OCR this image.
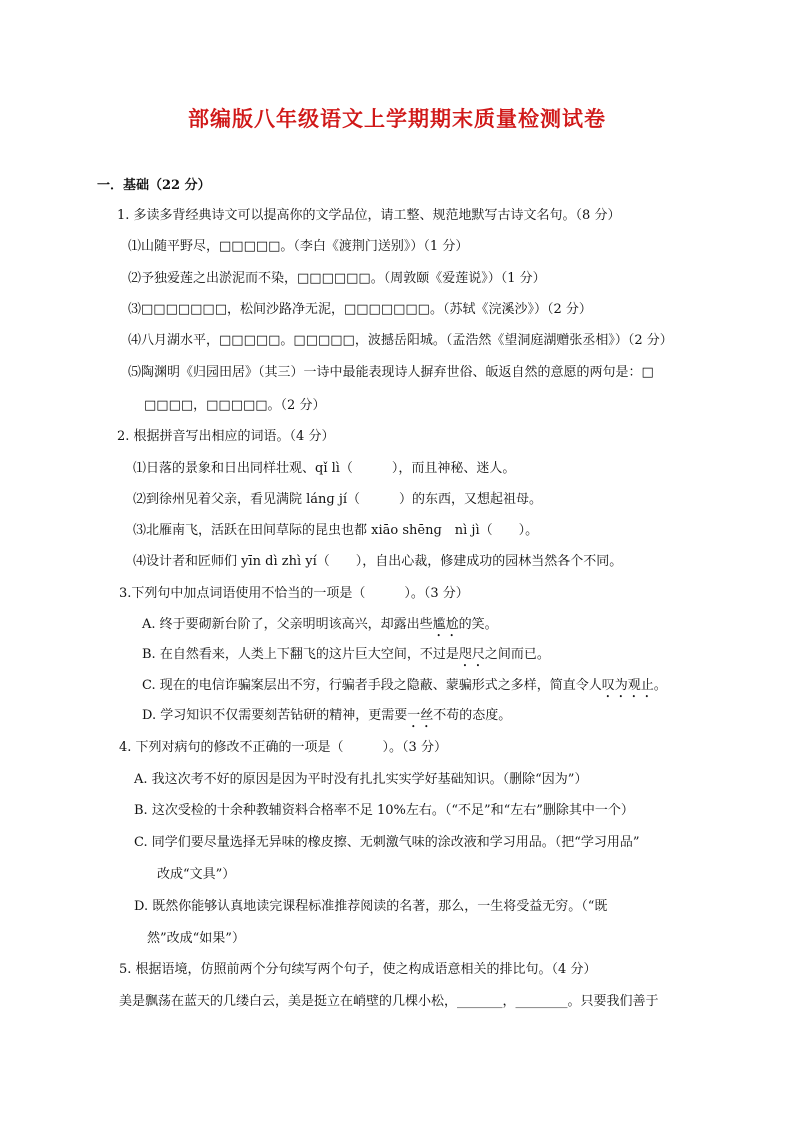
部编版八年级语文上学期期末质量检测试卷

一．基础（22 分）

1. 多读多背经典诗文可以提高你的文学品位，请工整、规范地默写古诗文名句。（8 分）

⑴山随平野尽，□□□□□。（李白《渡荆门送别》）（1 分）

⑵予独爱莲之出淤泥而不染，□□□□□□。（周敦颐《爱莲说》）（1 分）

⑶□□□□□□□，松间沙路净无泥，□□□□□□□。（苏轼《浣溪沙》）（2 分）

⑷八月湖水平，□□□□□。□□□□□，波撼岳阳城。（孟浩然《望洞庭湖赠张丞相》）（2 分）

⑸陶渊明《归园田居》（其三）一诗中最能表现诗人摒弃世俗、皈返自然的意愿的两句是：□

□□□□，□□□□□。（2 分）

2. 根据拼音写出相应的词语。（4 分）

⑴日落的景象和日出同样壮观、qǐ lì（　　　），而且神秘、迷人。

⑵到徐州见着父亲，看见满院 lánɡ jí（　　　）的东西，又想起祖母。

⑶北雁南飞，活跃在田间草际的昆虫也都 xiāo shēnɡ　nì jì（　　）。

⑷设计者和匠师们 yīn dì zhì yí（　　），自出心裁，修建成功的园林当然各个不同。

3.下列句中加点词语使用不恰当的一项是（　　　）。（3 分）

A. 终于要砌新台阶了，父亲明明该高兴，却露出些尴尬的笑。

B. 在自然看来，人类上下翻飞的这片巨大空间，不过是咫尺之间而已。

C. 现在的电信诈骗案层出不穷，行骗者手段之隐蔽、蒙骗形式之多样，简直令人叹为观止。

D. 学习知识不仅需要刻苦钻研的精神，更需要一丝不苟的态度。

4. 下列对病句的修改不正确的一项是（　　　）。（3 分）

A. 我这次考不好的原因是因为平时没有扎扎实实学好基础知识。（删除“因为”）

B. 这次受检的十余种教辅资料合格率不足 10%左右。（“不足”和“左右”删除其中一个）

C. 同学们要尽量选择无异味的橡皮擦、无刺激气味的涂改液和学习用品。（把“学习用品”

改成“文具”）

D. 既然你能够认真地读完课程标准推荐阅读的名著，那么，一生将受益无穷。（“既

然”改成“如果”）

5. 根据语境，仿照前两个分句续写两个句子，使之构成语意相关的排比句。（4 分）

美是飘荡在蓝天的几缕白云，美是挺立在峭壁的几棵小松，_______，________。只要我们善于
